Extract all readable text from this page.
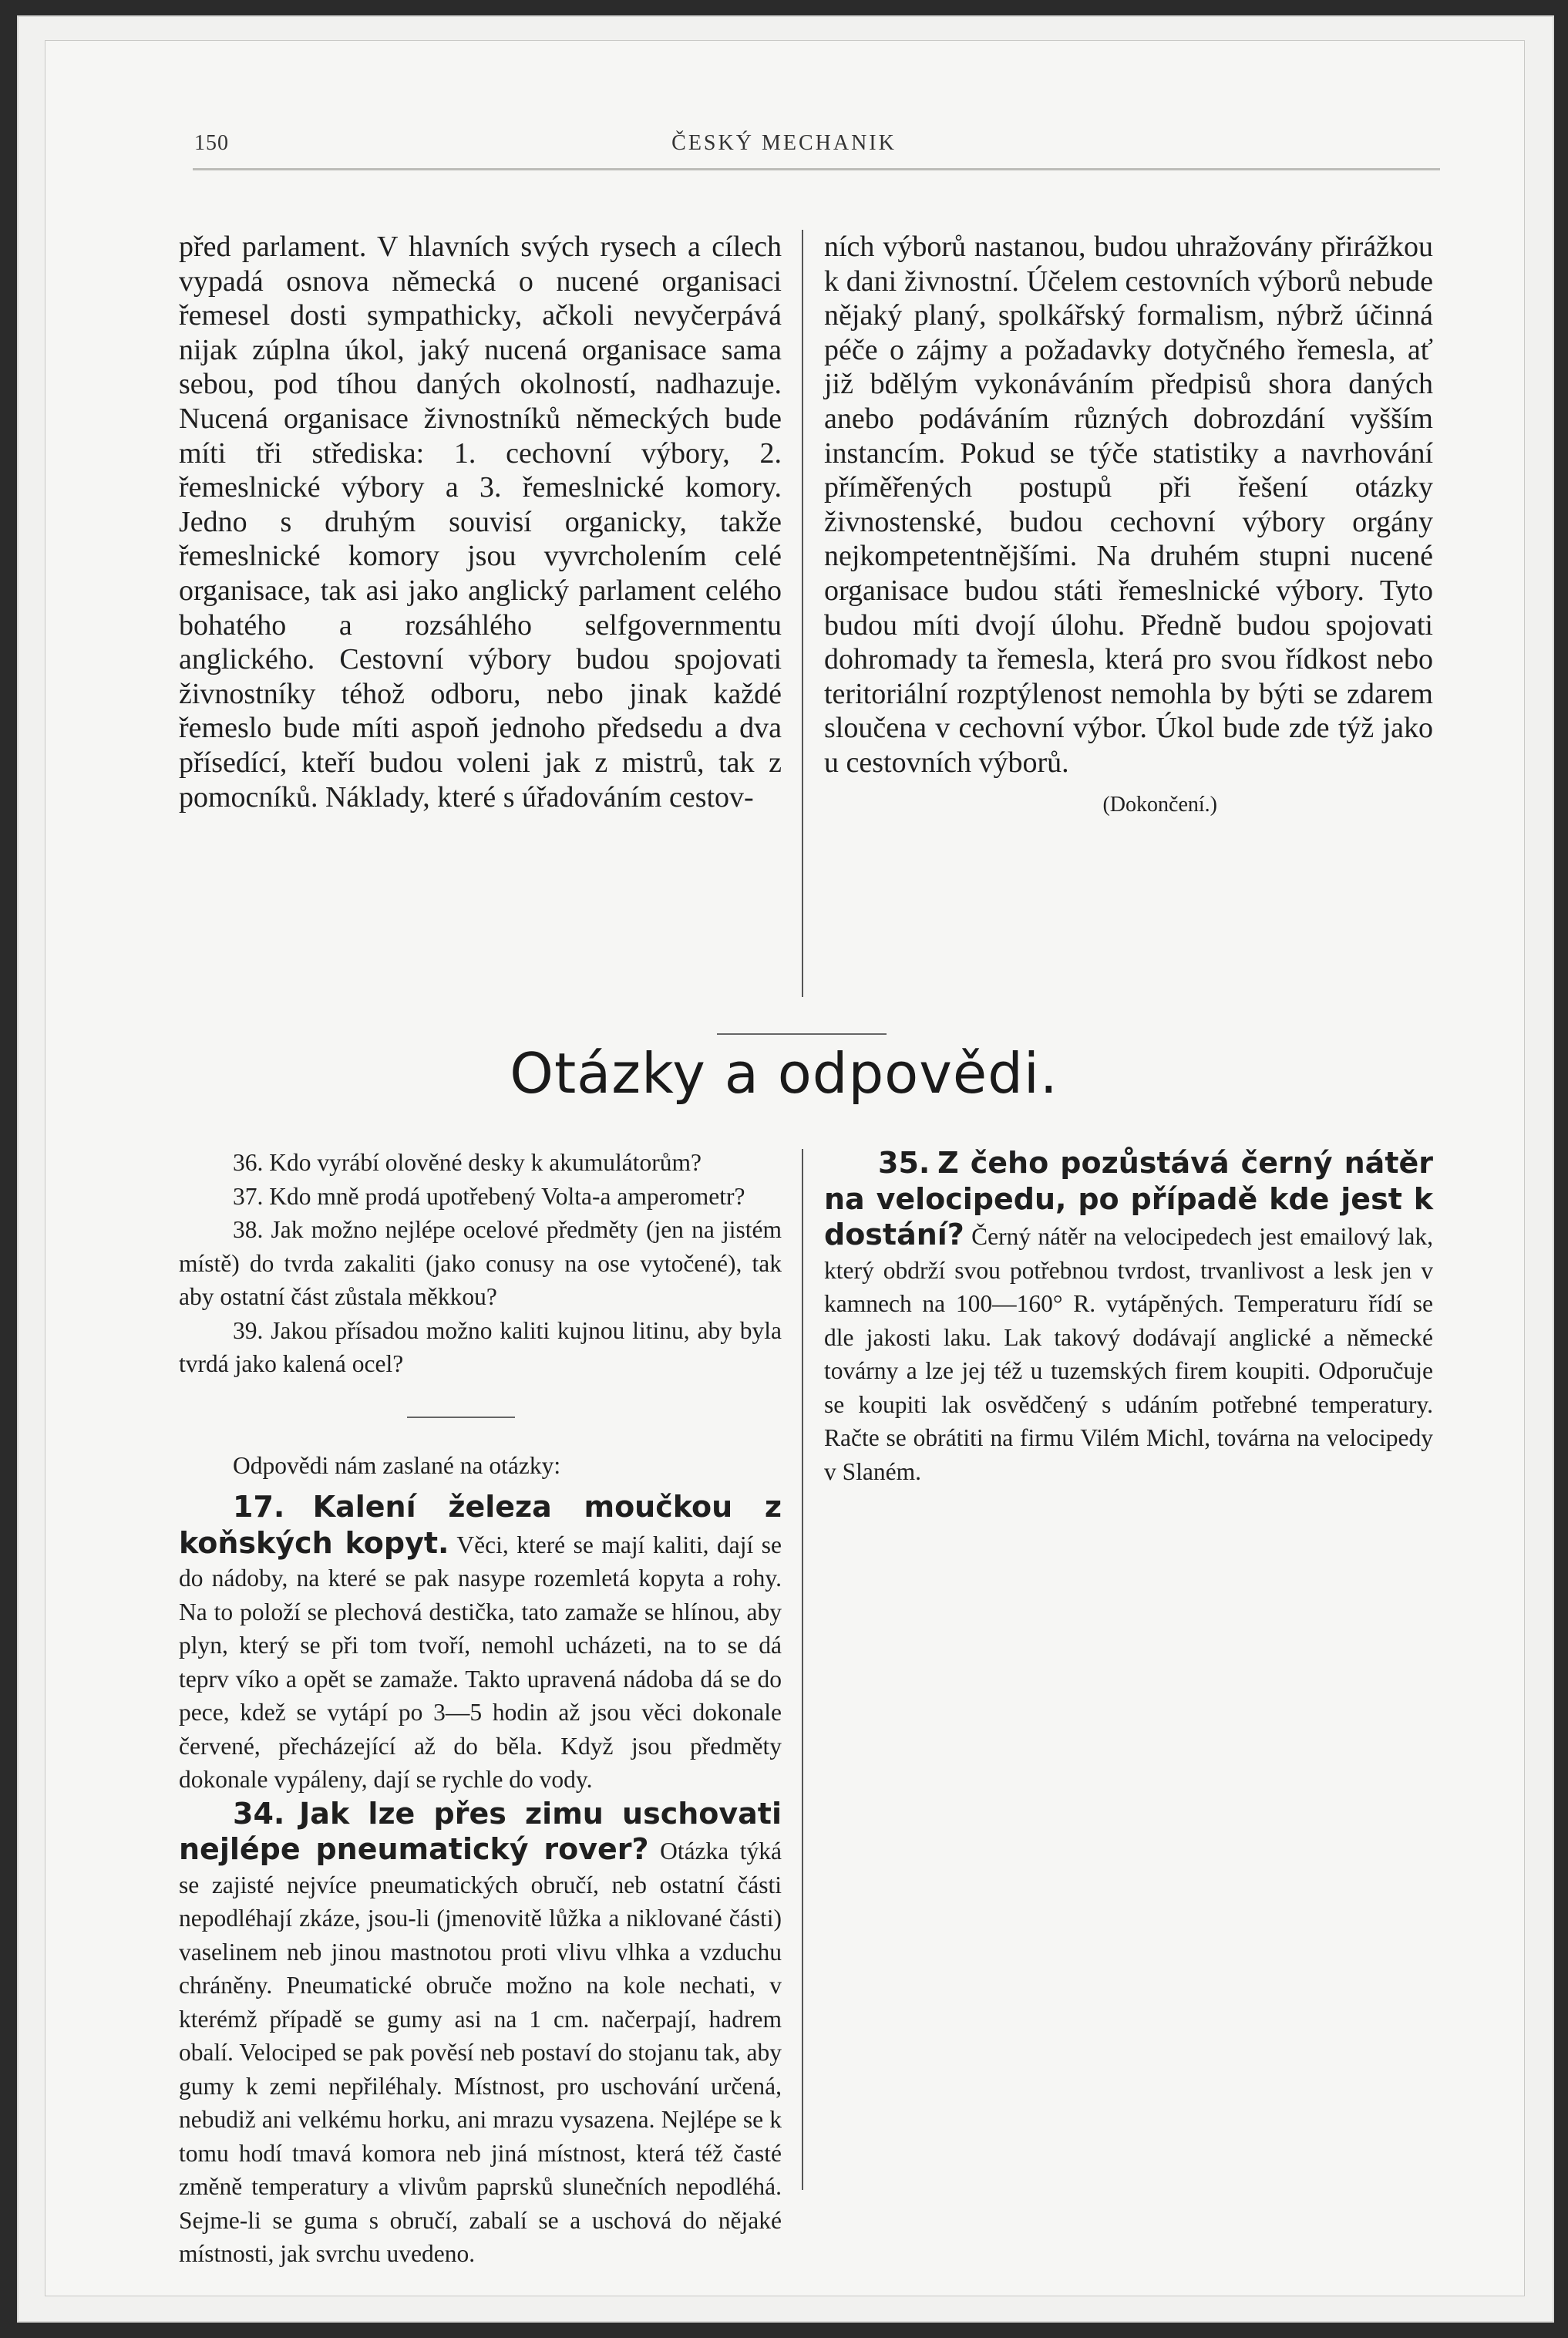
150	ČESKÝ MECHANIK

před parlament. V hlavních svých rysech a cílech vypadá osnova německá o nucené organisaci řemesel dosti sympathicky, ačkoli nevyčerpává nijak zúplna úkol, jaký nucená organisace sama sebou, pod tíhou daných okolností, nadhazuje. Nucená organisace živnostníků německých bude míti tři střediska: 1. cechovní výbory, 2. řemeslnické výbory a 3. řemeslnické komory. Jedno s druhým souvisí organicky, takže řemeslnické komory jsou vyvrcholením celé organisace, tak asi jako anglický parlament celého bohatého a rozsáhlého selfgovernmentu anglického. Cestovní výbory budou spojovati živnostníky téhož odboru, nebo jinak každé řemeslo bude míti aspoň jednoho předsedu a dva přísedící, kteří budou voleni jak z mistrů, tak z pomocníků. Náklady, které s úřadováním cestov-

ních výborů nastanou, budou uhražovány přirážkou k dani živnostní. Účelem cestovních výborů nebude nějaký planý, spolkářský formalism, nýbrž účinná péče o zájmy a požadavky dotyčného řemesla, ať již bdělým vykonáváním předpisů shora daných anebo podáváním různých dobrozdání vyšším instancím. Pokud se týče statistiky a navrhování příměřených postupů při řešení otázky živnostenské, budou cechovní výbory orgány nejkompetentnějšími. Na druhém stupni nucené organisace budou státi řemeslnické výbory. Tyto budou míti dvojí úlohu. Předně budou spojovati dohromady ta řemesla, která pro svou řídkost nebo teritoriální rozptýlenost nemohla by býti se zdarem sloučena v cechovní výbor. Úkol bude zde týž jako u cestovních výborů.

(Dokončení.)

Otázky a odpovědi.

36. Kdo vyrábí olověné desky k akumulátorům?

37. Kdo mně prodá upotřebený Volta-a amperometr?

38. Jak možno nejlépe ocelové předměty (jen na jistém místě) do tvrda zakaliti (jako conusy na ose vytočené), tak aby ostatní část zůstala měkkou?

39. Jakou přísadou možno kaliti kujnou litinu, aby byla tvrdá jako kalená ocel?

Odpovědi nám zaslané na otázky:

17. Kalení železa moučkou z koňských kopyt. Věci, které se mají kaliti, dají se do nádoby, na které se pak nasype rozemletá kopyta a rohy. Na to položí se plechová destička, tato zamaže se hlínou, aby plyn, který se při tom tvoří, nemohl ucházeti, na to se dá teprv víko a opět se zamaže. Takto upravená nádoba dá se do pece, kdež se vytápí po 3—5 hodin až jsou věci dokonale červené, přecházející až do běla. Když jsou předměty dokonale vypáleny, dají se rychle do vody.

34. Jak lze přes zimu uschovati nejlépe pneumatický rover? Otázka týká se zajisté nejvíce pneumatických obručí, neb ostatní části nepodléhají zkáze, jsou-li (jmenovitě lůžka a niklované části) vaselinem neb jinou mastnotou proti vlivu vlhka a vzduchu chráněny. Pneumatické obruče možno na kole nechati, v kterémž případě se gumy asi na 1 cm. načerpají, hadrem obalí. Velociped se pak pověsí neb postaví do stojanu tak, aby gumy k zemi nepřiléhaly. Místnost, pro uschování určená, nebudiž ani velkému horku, ani mrazu vysazena. Nejlépe se k tomu hodí tmavá komora neb jiná místnost, která též časté změně temperatury a vlivům paprsků slunečních nepodléhá. Sejme-li se guma s obručí, zabalí se a uschová do nějaké místnosti, jak svrchu uvedeno.

35. Z čeho pozůstává černý nátěr na velocipedu, po případě kde jest k dostání? Černý nátěr na velocipedech jest emailový lak, který obdrží svou potřebnou tvrdost, trvanlivost a lesk jen v kamnech na 100—160° R. vytápěných. Temperaturu řídí se dle jakosti laku. Lak takový dodávají anglické a německé továrny a lze jej též u tuzemských firem koupiti. Odporučuje se koupiti lak osvědčený s udáním potřebné temperatury. Račte se obrátiti na firmu Vilém Michl, továrna na velocipedy v Slaném.
